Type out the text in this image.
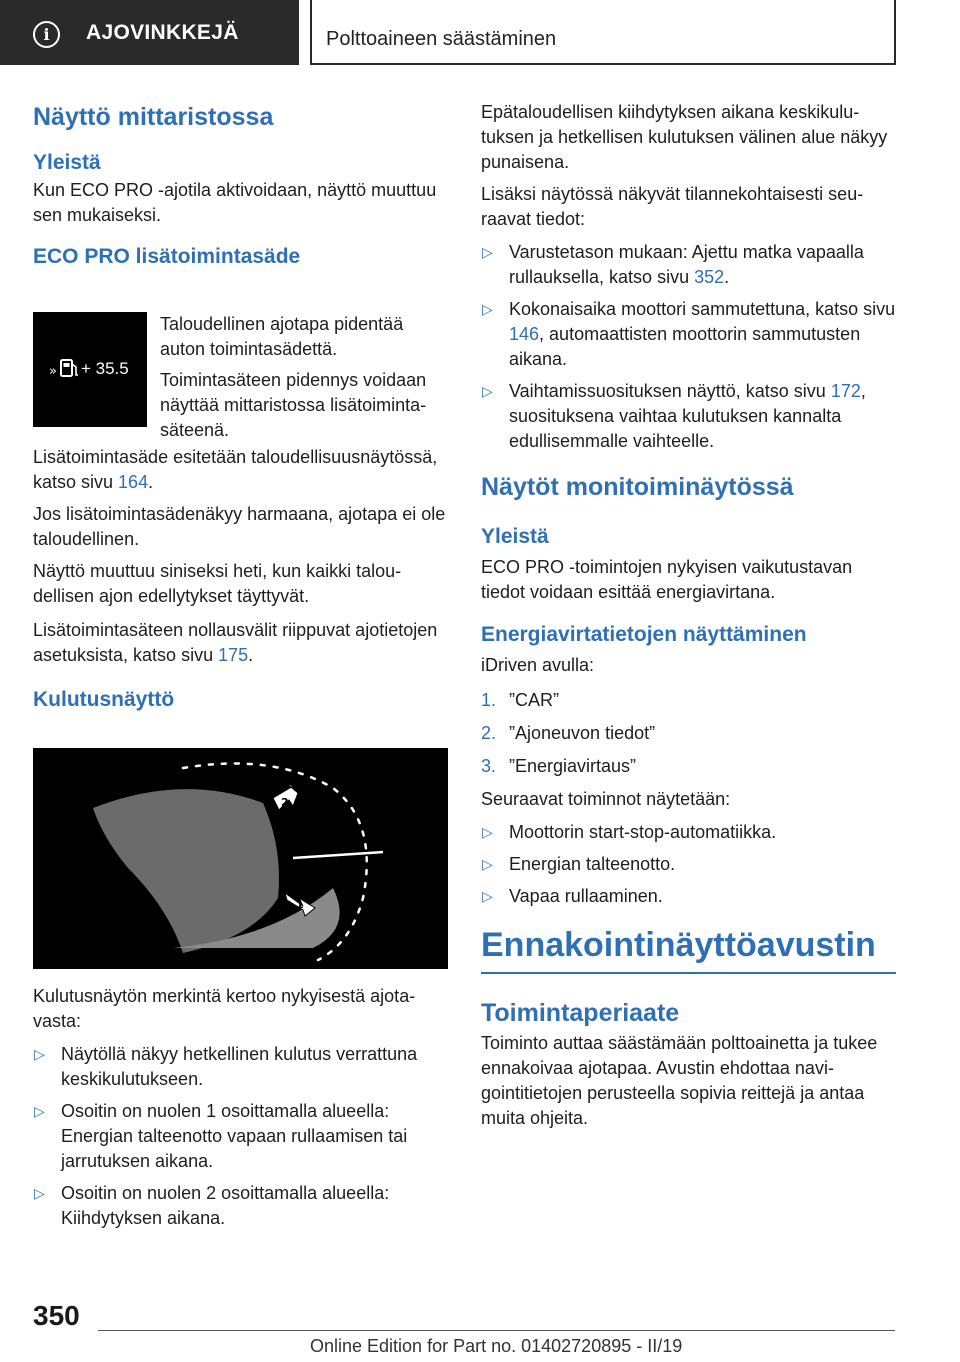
i AJOVINKKEJÄ	Polttoaineen säästäminen
Näyttö mittaristossa
Yleistä

Kun ECO PRO -ajotila aktivoidaan, näyttö muuttuu sen mukaiseksi.

ECO PRO lisätoimintasäde
» + 35.5

Taloudellinen ajotapa pidentää auton toimintasädettä.

Toimintasäteen pidennys voidaan näyttää mittaristossa lisätoimintasäteenä.

Lisätoimintasäde esitetään taloudellisuusnäytössä, katso sivu 164.

Jos lisätoimintasädenäkyy harmaana, ajotapa ei ole taloudellinen.

Näyttö muuttuu siniseksi heti, kun kaikki taloudellisen ajon edellytykset täyttyvät.

Lisätoimintasäteen nollausvälit riippuvat ajotietojen asetuksista, katso sivu 175.

Kulutusnäyttö
2
1

Kulutusnäytön merkintä kertoo nykyisestä ajotavasta:

▷ Näytöllä näkyy hetkellinen kulutus verrattuna keskikulutukseen.
▷ Osoitin on nuolen 1 osoittamalla alueella: Energian talteenotto vapaan rullaamisen tai jarrutuksen aikana.
▷ Osoitin on nuolen 2 osoittamalla alueella: Kiihdytyksen aikana.

Epätaloudellisen kiihdytyksen aikana keskikulutuksen ja hetkellisen kulutuksen välinen alue näkyy punaisena.

Lisäksi näytössä näkyvät tilannekohtaisesti seuraavat tiedot:

▷ Varustetason mukaan: Ajettu matka vapaalla rullauksella, katso sivu 352.
▷ Kokonaisaika moottori sammutettuna, katso sivu 146, automaattisten moottorin sammutusten aikana.
▷ Vaihtamissuosituksen näyttö, katso sivu 172, suosituksena vaihtaa kulutuksen kannalta edullisemmalle vaihteelle.
Näytöt monitoiminäytössä
Yleistä

ECO PRO -toimintojen nykyisen vaikutustavan tiedot voidaan esittää energiavirtana.

Energiavirtatietojen näyttäminen

iDriven avulla:

1. ”CAR”
2. ”Ajoneuvon tiedot”
3. ”Energiavirtaus”

Seuraavat toiminnot näytetään:

▷ Moottorin start-stop-automatiikka.
▷ Energian talteenotto.
▷ Vapaa rullaaminen.
Ennakointinäyttöavustin
Toimintaperiaate

Toiminto auttaa säästämään polttoainetta ja tukee ennakoivaa ajotapaa. Avustin ehdottaa navigointitietojen perusteella sopivia reittejä ja antaa muita ohjeita.

350
Online Edition for Part no. 01402720895 - II/19
